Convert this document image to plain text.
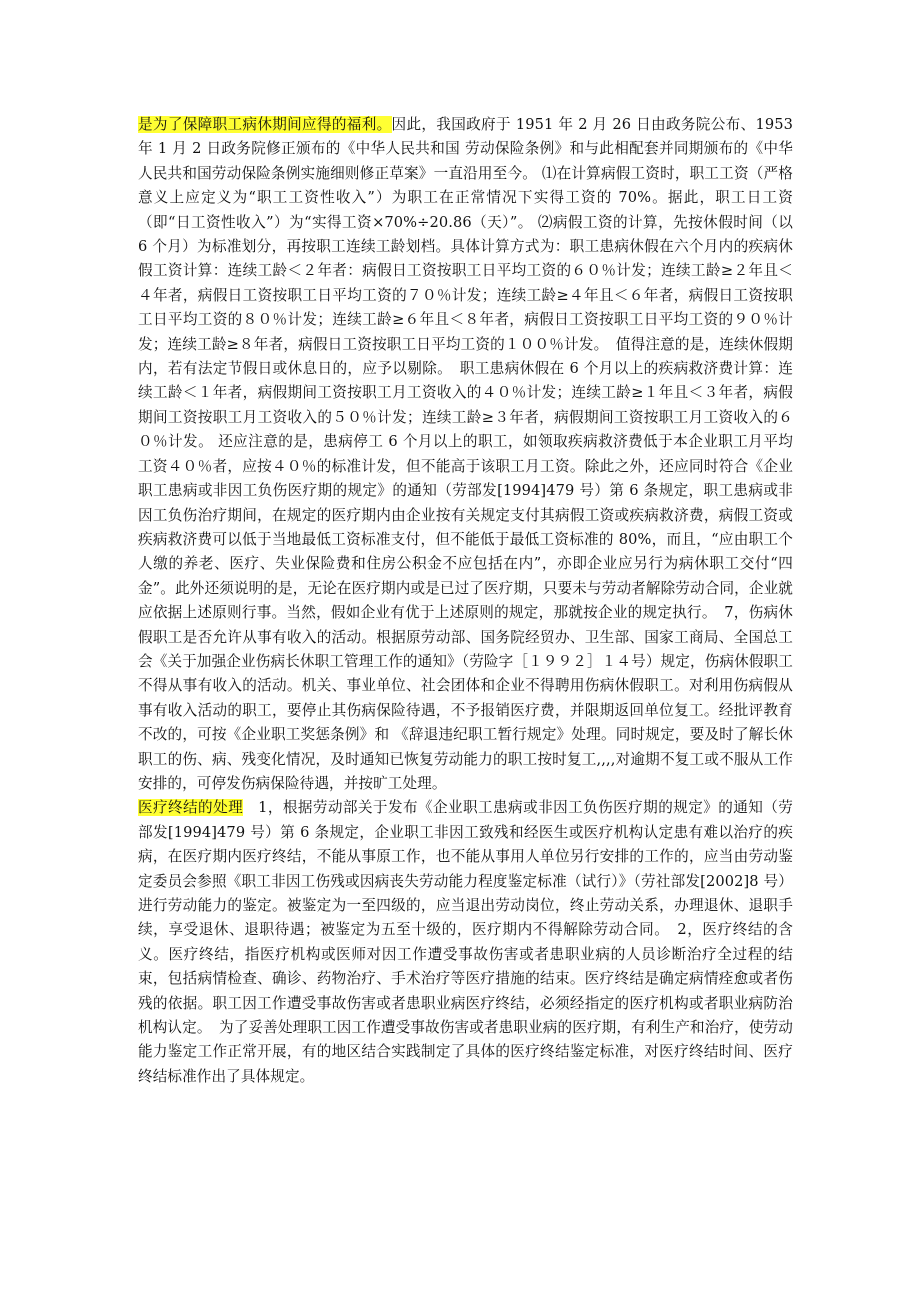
是为了保障职工病休期间应得的福利。因此，我国政府于 1951 年 2 月 26 日由政务院公布、1953 年 1 月 2 日政务院修正颁布的《中华人民共和国 劳动保险条例》和与此相配套并同期颁布的《中华人民共和国劳动保险条例实施细则修正草案》一直沿用至今。 ⑴在计算病假工资时，职工工资（严格意义上应定义为“职工工资性收入”）为职工在正常情况下实得工资的 70%。据此，职工日工资（即“日工资性收入”）为“实得工资×70%÷20.86（天）”。 ⑵病假工资的计算，先按休假时间（以 6 个月）为标准划分，再按职工连续工龄划档。具体计算方式为：职工患病休假在六个月内的疾病休假工资计算：连续工龄＜２年者：病假日工资按职工日平均工资的６０％计发；连续工龄≥２年且＜４年者，病假日工资按职工日平均工资的７０％计发；连续工龄≥４年且＜６年者，病假日工资按职工日平均工资的８０％计发；连续工龄≥６年且＜８年者，病假日工资按职工日平均工资的９０％计发；连续工龄≥８年者，病假日工资按职工日平均工资的１００％计发。　值得注意的是，连续休假期内，若有法定节假日或休息日的，应予以剔除。　职工患病休假在 6 个月以上的疾病救济费计算：连续工龄＜１年者，病假期间工资按职工月工资收入的４０％计发；连续工龄≥１年且＜３年者，病假期间工资按职工月工资收入的５０％计发；连续工龄≥３年者，病假期间工资按职工月工资收入的６０％计发。 还应注意的是，患病停工 6 个月以上的职工，如领取疾病救济费低于本企业职工月平均工资４０％者，应按４０％的标准计发，但不能高于该职工月工资。除此之外，还应同时符合《企业职工患病或非因工负伤医疗期的规定》的通知（劳部发[1994]479 号）第 6 条规定，职工患病或非因工负伤治疗期间，在规定的医疗期内由企业按有关规定支付其病假工资或疾病救济费，病假工资或疾病救济费可以低于当地最低工资标准支付，但不能低于最低工资标准的 80%，而且，“应由职工个人缴的养老、医疗、失业保险费和住房公积金不应包括在内”，亦即企业应另行为病休职工交付“四金”。此外还须说明的是，无论在医疗期内或是已过了医疗期，只要未与劳动者解除劳动合同，企业就应依据上述原则行事。当然，假如企业有优于上述原则的规定，那就按企业的规定执行。　7，伤病休假职工是否允许从事有收入的活动。根据原劳动部、国务院经贸办、卫生部、国家工商局、全国总工会《关于加强企业伤病长休职工管理工作的通知》（劳险字［１９９２］１４号）规定，伤病休假职工不得从事有收入的活动。机关、事业单位、社会团体和企业不得聘用伤病休假职工。对利用伤病假从事有收入活动的职工，要停止其伤病保险待遇，不予报销医疗费，并限期返回单位复工。经批评教育不改的，可按《企业职工奖惩条例》和 《辞退违纪职工暂行规定》处理。同时规定，要及时了解长休职工的伤、病、残变化情况，及时通知已恢复劳动能力的职工按时复工,,,,对逾期不复工或不服从工作安排的，可停发伤病保险待遇，并按旷工处理。

医疗终结的处理　1，根据劳动部关于发布《企业职工患病或非因工负伤医疗期的规定》的通知（劳部发[1994]479 号）第 6 条规定，企业职工非因工致残和经医生或医疗机构认定患有难以治疗的疾病，在医疗期内医疗终结，不能从事原工作，也不能从事用人单位另行安排的工作的，应当由劳动鉴定委员会参照《职工非因工伤残或因病丧失劳动能力程度鉴定标准（试行）》（劳社部发[2002]8 号）进行劳动能力的鉴定。被鉴定为一至四级的，应当退出劳动岗位，终止劳动关系，办理退休、退职手续，享受退休、退职待遇；被鉴定为五至十级的，医疗期内不得解除劳动合同。　2，医疗终结的含义。医疗终结，指医疗机构或医师对因工作遭受事故伤害或者患职业病的人员诊断治疗全过程的结束，包括病情检查、确诊、药物治疗、手术治疗等医疗措施的结束。医疗终结是确定病情痊愈或者伤残的依据。职工因工作遭受事故伤害或者患职业病医疗终结，必须经指定的医疗机构或者职业病防治机构认定。　为了妥善处理职工因工作遭受事故伤害或者患职业病的医疗期，有利生产和治疗，使劳动能力鉴定工作正常开展，有的地区结合实践制定了具体的医疗终结鉴定标准，对医疗终结时间、医疗终结标准作出了具体规定。
